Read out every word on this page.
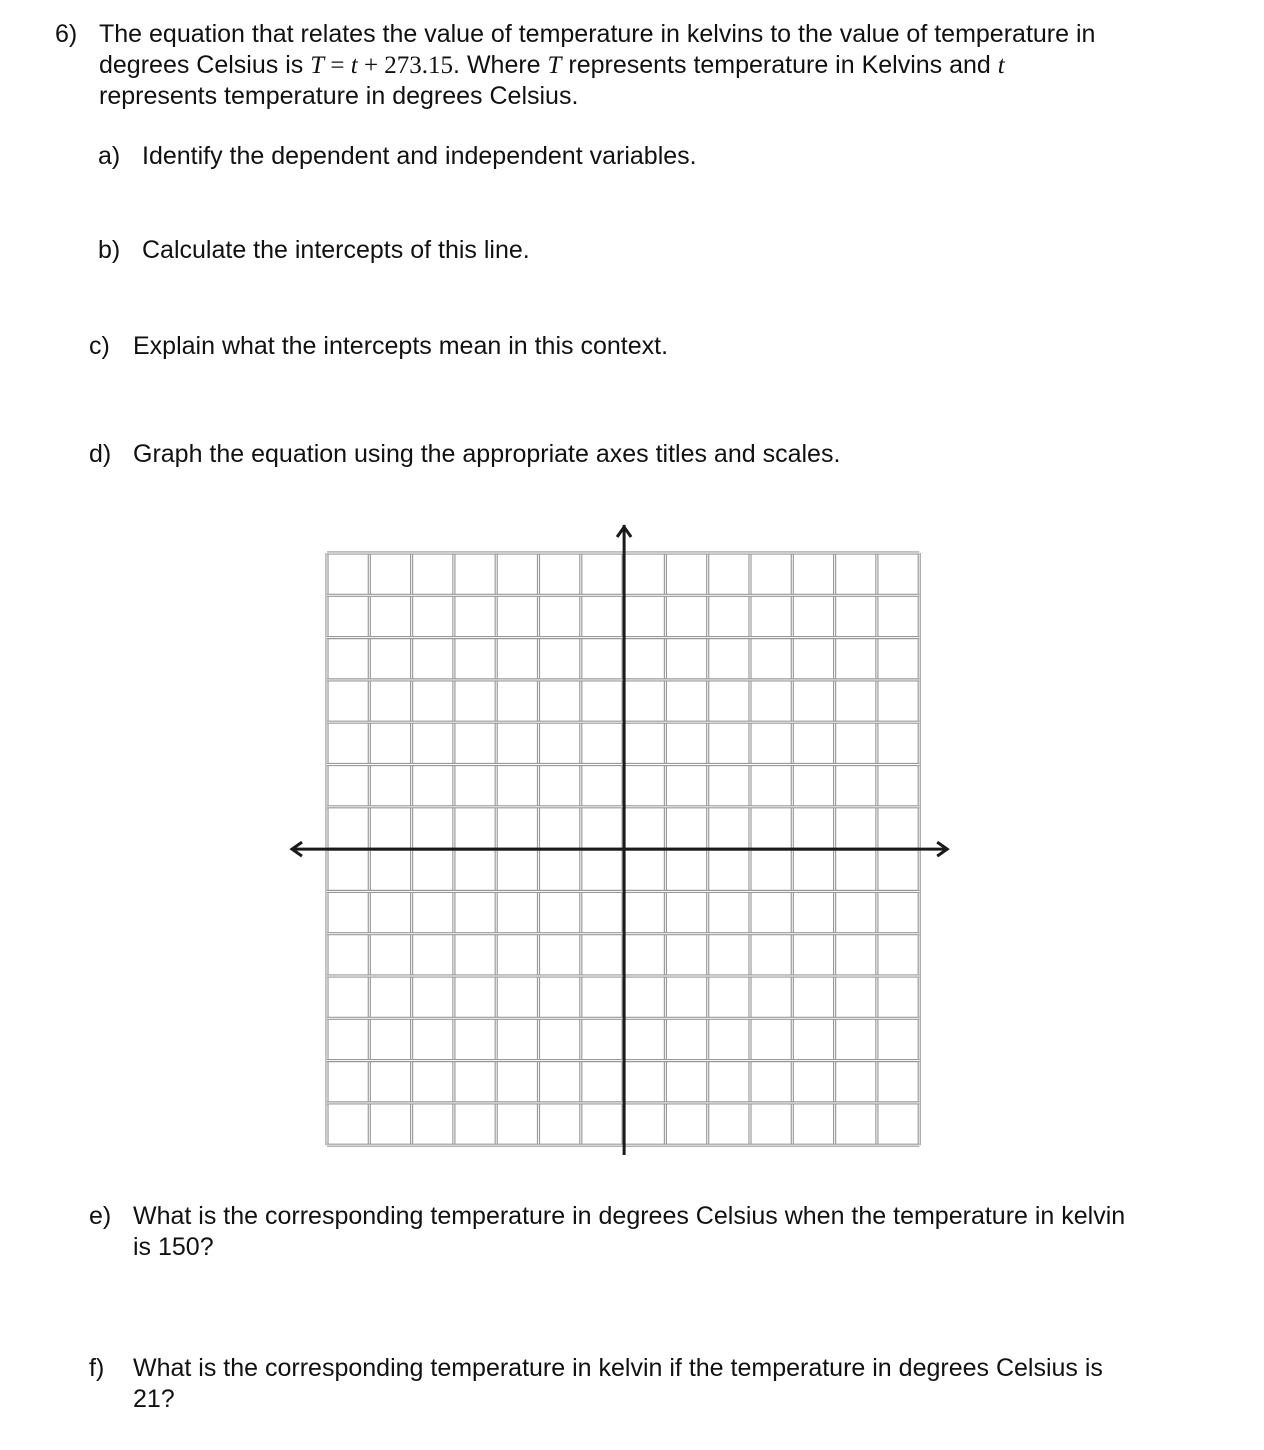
6) The equation that relates the value of temperature in kelvins to the value of temperature in
degrees Celsius is T = t + 273.15. Where T represents temperature in Kelvins and t
represents temperature in degrees Celsius.
a) Identify the dependent and independent variables.
b) Calculate the intercepts of this line.
c) Explain what the intercepts mean in this context.
d) Graph the equation using the appropriate axes titles and scales.
e) What is the corresponding temperature in degrees Celsius when the temperature in kelvin
is 150?
f) What is the corresponding temperature in kelvin if the temperature in degrees Celsius is
21?
